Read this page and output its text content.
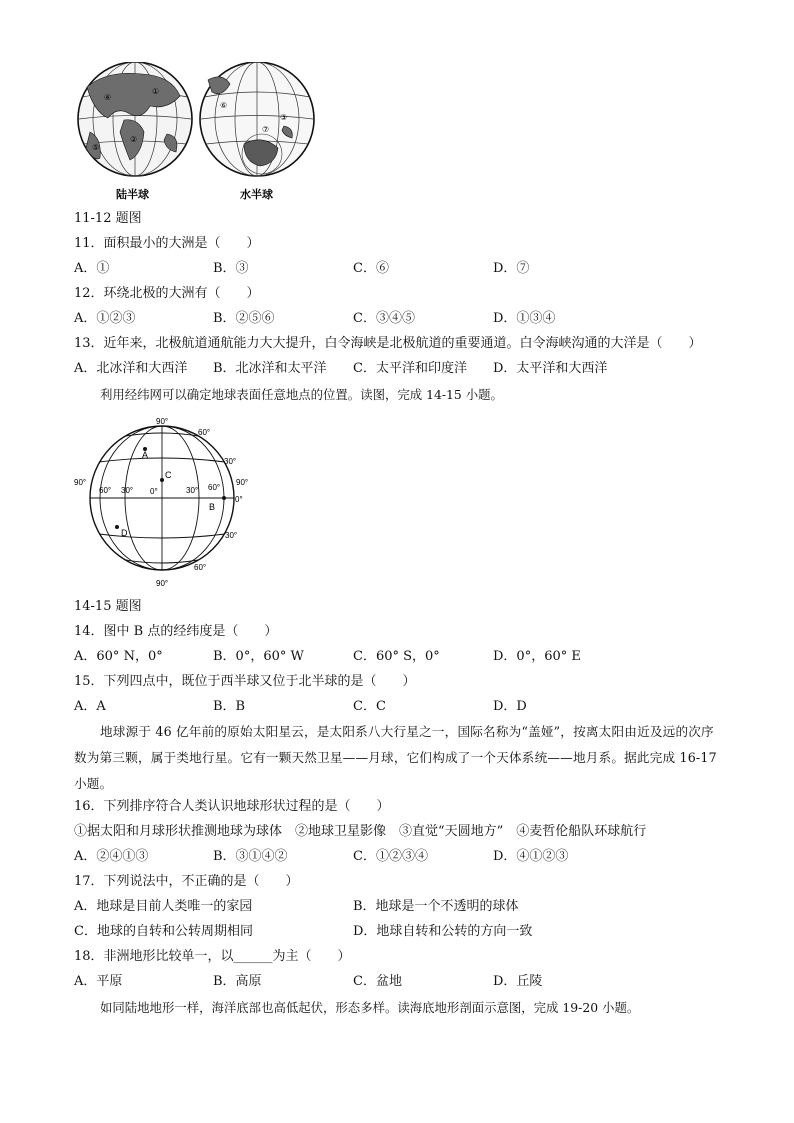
④
①
②
⑤
陆半球
⑥
⑦
③
水半球
11-12 题图
11．面积最小的大洲是（　　）
A．①	B．③	C．⑥	D．⑦
12．环绕北极的大洲有（　　）
A．①②③	B．②⑤⑥	C．③④⑤	D．①③④
13．近年来，北极航道通航能力大大提升，白令海峡是北极航道的重要通道。白令海峡沟通的大洋是（　　）
A．北冰洋和大西洋 B．北冰洋和太平洋 C．太平洋和印度洋 D．太平洋和大西洋
利用经纬网可以确定地球表面任意地点的位置。读图，完成 14-15 小题。
90°
90°
90°	90°
60°
30°
0°
30°
60°
60° 30° 0°	30° 60°
A
C
B
D
14-15 题图
14．图中 B 点的经纬度是（　　）
A．60° N，0°	B．0°，60° W	C．60° S，0°	D．0°，60° E
15．下列四点中，既位于西半球又位于北半球的是（　　）
A．A	B．B	C．C	D．D
地球源于 46 亿年前的原始太阳星云，是太阳系八大行星之一，国际名称为“盖娅”，按离太阳由近及远的次序数为第三颗，属于类地行星。它有一颗天然卫星——月球，它们构成了一个天体系统——地月系。据此完成 16-17 小题。
16．下列排序符合人类认识地球形状过程的是（　　）
①据太阳和月球形状推测地球为球体　②地球卫星影像　③直觉“天圆地方”　④麦哲伦船队环球航行
A．②④①③	B．③①④②	C．①②③④	D．④①②③
17．下列说法中，不正确的是（　　）
A．地球是目前人类唯一的家园	B．地球是一个不透明的球体
C．地球的自转和公转周期相同	D．地球自转和公转的方向一致
18．非洲地形比较单一，以______为主（　　）
A．平原	B．高原	C．盆地	D．丘陵
如同陆地地形一样，海洋底部也高低起伏，形态多样。读海底地形剖面示意图，完成 19-20 小题。
